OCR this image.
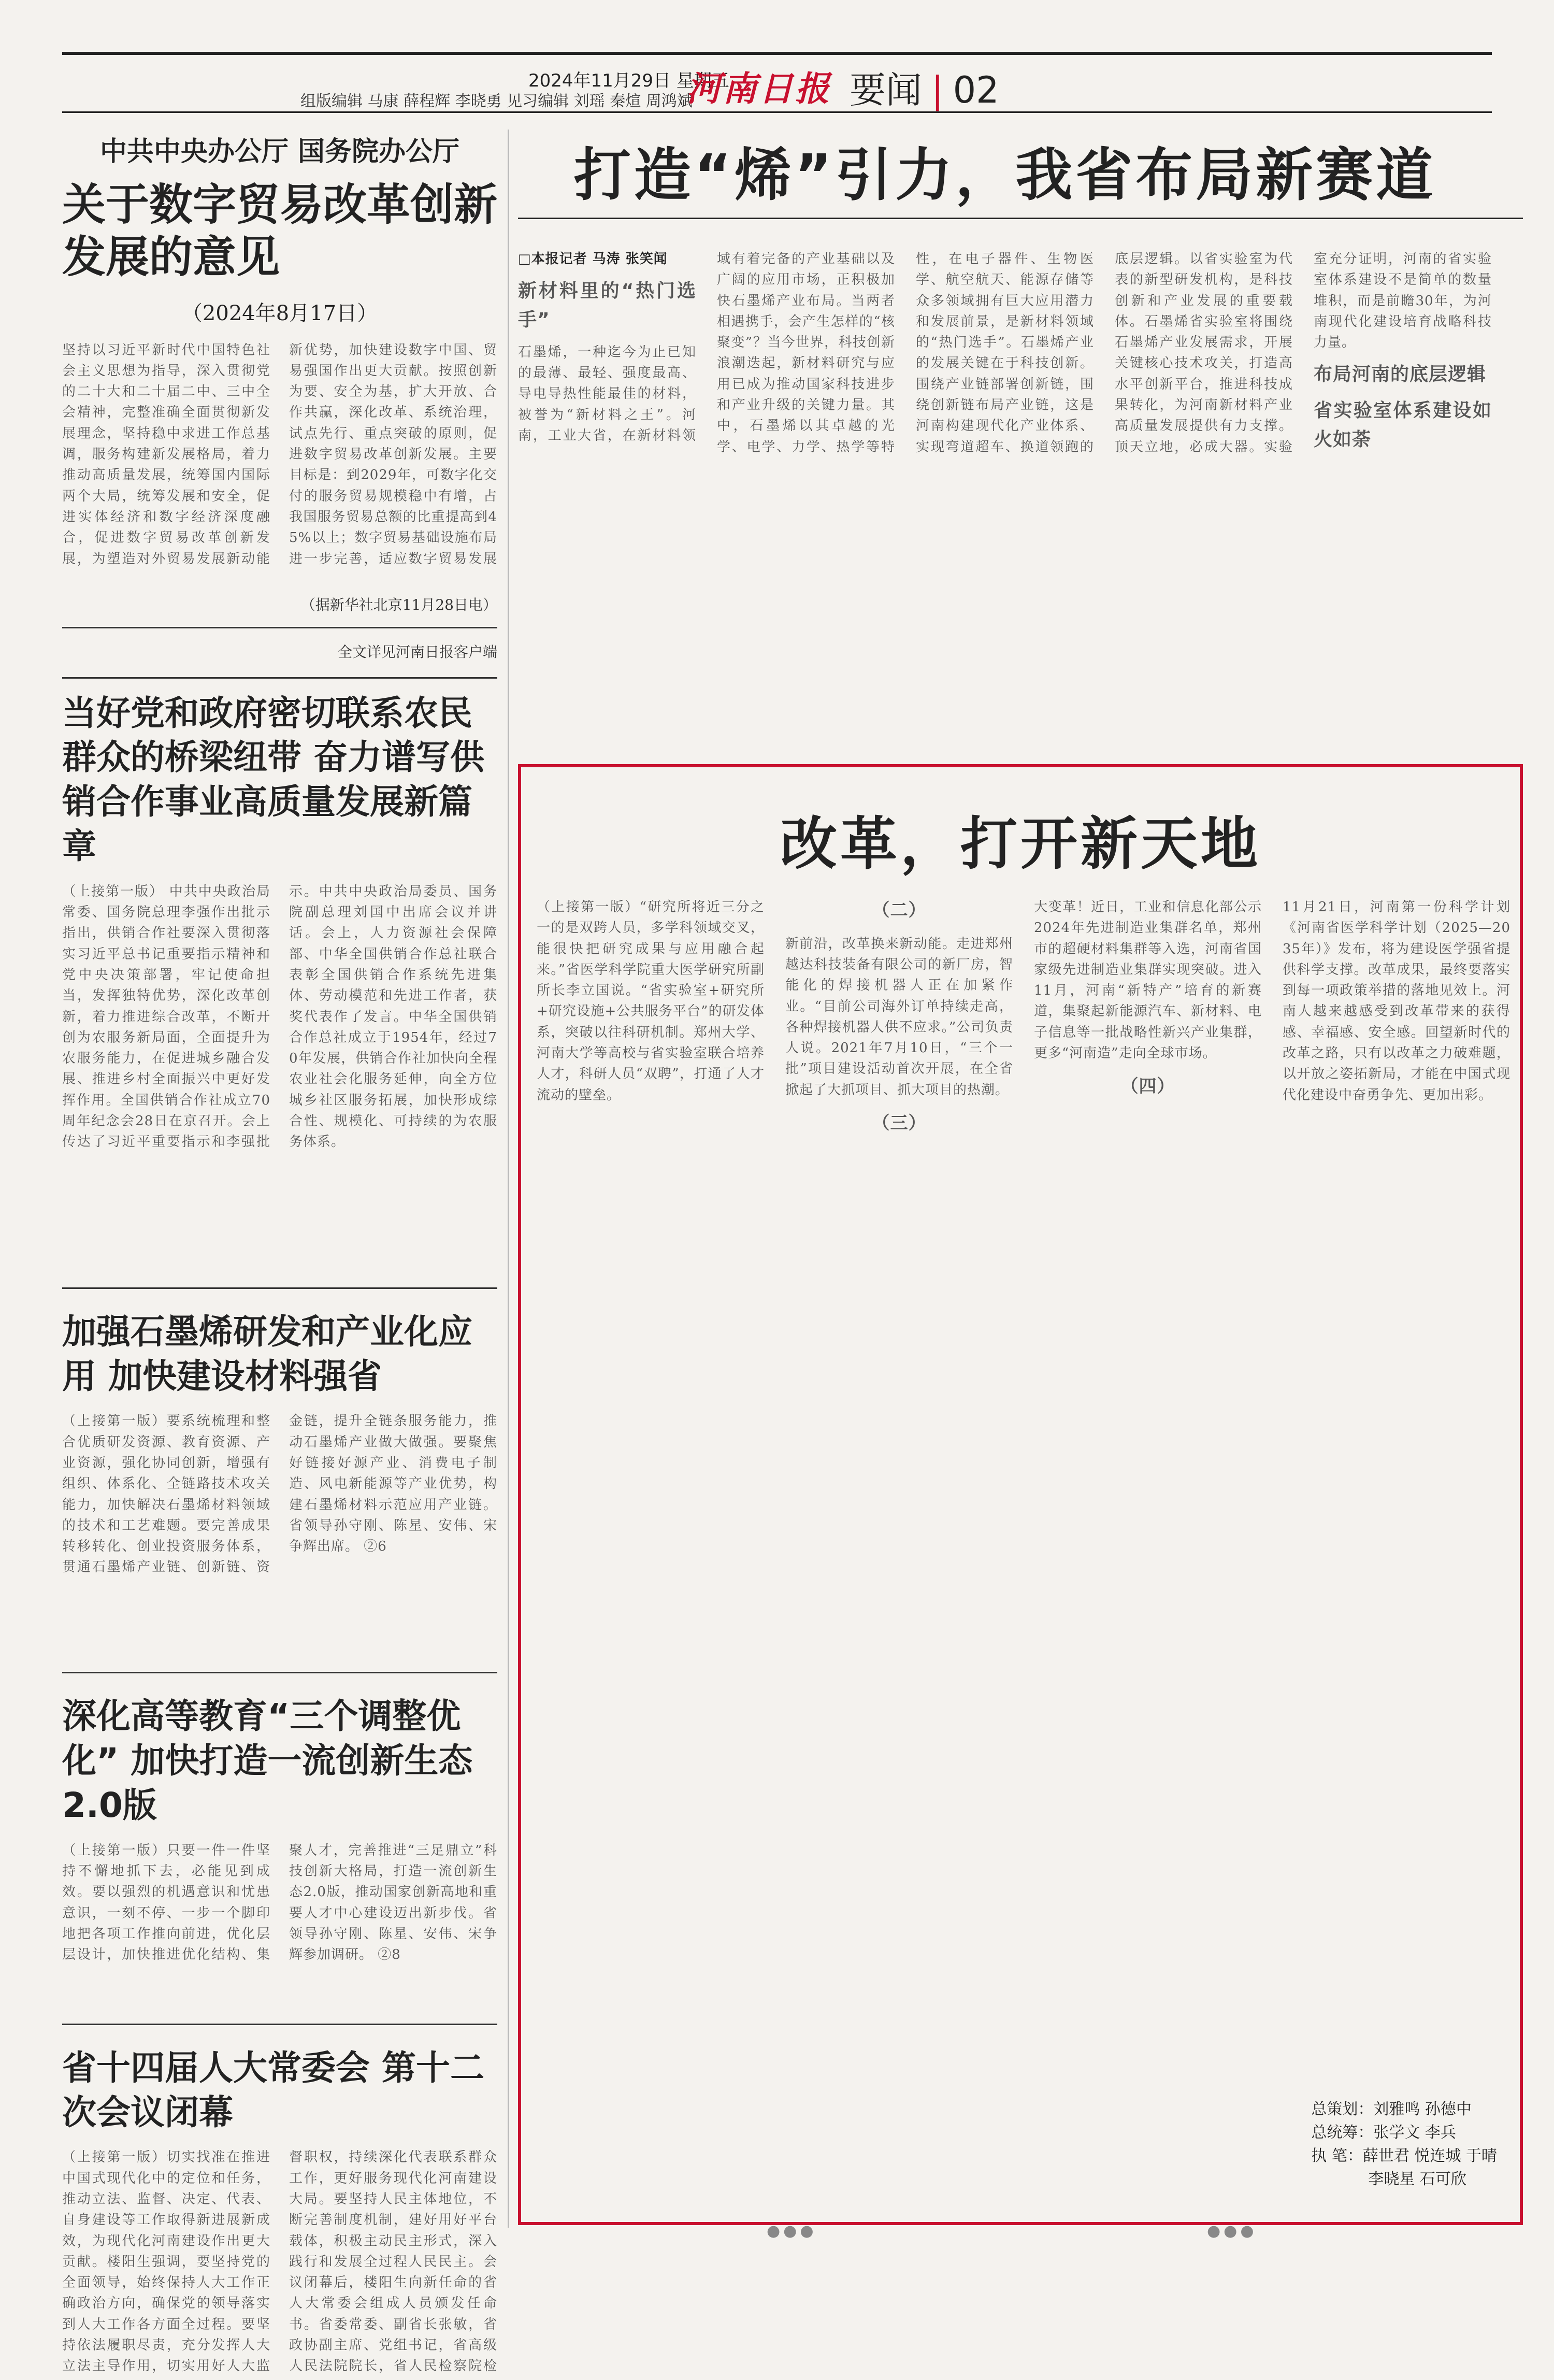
2024年11月29日 星期五
组版编辑 马康 薛程辉 李晓勇 见习编辑 刘瑶 秦煊 周鸿斌
河南日报 要闻 | 02
中共中央办公厅 国务院办公厅
关于数字贸易改革创新发展的意见
（2024年8月17日）
坚持以习近平新时代中国特色社会主义思想为指导，深入贯彻党的二十大和二十届二中、三中全会精神，完整准确全面贯彻新发展理念，坚持稳中求进工作总基调，服务构建新发展格局，着力推动高质量发展，统筹国内国际两个大局，统筹发展和安全，促进实体经济和数字经济深度融合，促进数字贸易改革创新发展，为塑造对外贸易发展新动能新优势，加快建设数字中国、贸易强国作出更大贡献。按照创新为要、安全为基，扩大开放、合作共赢，深化改革、系统治理，试点先行、重点突破的原则，促进数字贸易改革创新发展。主要目标是：到2029年，可数字化交付的服务贸易规模稳中有增，占我国服务贸易总额的比重提高到45%以上；数字贸易基础设施布局进一步完善，适应数字贸易发展
（据新华社北京11月28日电）
全文详见河南日报客户端
当好党和政府密切联系农民群众的桥梁纽带 奋力谱写供销合作事业高质量发展新篇章
（上接第一版） 中共中央政治局常委、国务院总理李强作出批示指出，供销合作社要深入贯彻落实习近平总书记重要指示精神和党中央决策部署，牢记使命担当，发挥独特优势，深化改革创新，着力推进综合改革，不断开创为农服务新局面，全面提升为农服务能力，在促进城乡融合发展、推进乡村全面振兴中更好发挥作用。全国供销合作社成立70周年纪念会28日在京召开。会上传达了习近平重要指示和李强批示。中共中央政治局委员、国务院副总理刘国中出席会议并讲话。会上，人力资源社会保障部、中华全国供销合作总社联合表彰全国供销合作系统先进集体、劳动模范和先进工作者，获奖代表作了发言。中华全国供销合作总社成立于1954年，经过70年发展，供销合作社加快向全程农业社会化服务延伸，向全方位城乡社区服务拓展，加快形成综合性、规模化、可持续的为农服务体系。
加强石墨烯研发和产业化应用 加快建设材料强省
（上接第一版）要系统梳理和整合优质研发资源、教育资源、产业资源，强化协同创新，增强有组织、体系化、全链路技术攻关能力，加快解决石墨烯材料领域的技术和工艺难题。要完善成果转移转化、创业投资服务体系，贯通石墨烯产业链、创新链、资金链，提升全链条服务能力，推动石墨烯产业做大做强。要聚焦好链接好源产业、消费电子制造、风电新能源等产业优势，构建石墨烯材料示范应用产业链。省领导孙守刚、陈星、安伟、宋争辉出席。 ②6
深化高等教育“三个调整优化” 加快打造一流创新生态2.0版
（上接第一版）只要一件一件坚持不懈地抓下去，必能见到成效。要以强烈的机遇意识和忧患意识，一刻不停、一步一个脚印地把各项工作推向前进，优化层层设计，加快推进优化结构、集聚人才，完善推进“三足鼎立”科技创新大格局，打造一流创新生态2.0版，推动国家创新高地和重要人才中心建设迈出新步伐。省领导孙守刚、陈星、安伟、宋争辉参加调研。 ②8
省十四届人大常委会 第十二次会议闭幕
（上接第一版）切实找准在推进中国式现代化中的定位和任务，推动立法、监督、决定、代表、自身建设等工作取得新进展新成效，为现代化河南建设作出更大贡献。楼阳生强调，要坚持党的全面领导，始终保持人大工作正确政治方向，确保党的领导落实到人大工作各方面全过程。要坚持依法履职尽责，充分发挥人大立法主导作用，切实用好人大监督职权，持续深化代表联系群众工作，更好服务现代化河南建设大局。要坚持人民主体地位，不断完善制度机制，建好用好平台载体，积极主动民主形式，深入践行和发展全过程人民民主。会议闭幕后，楼阳生向新任命的省人大常委会组成人员颁发任命书。省委常委、副省长张敏，省政协副主席、党组书记，省高级人民法院院长，省人民检察院检
打造“烯”引力，我省布局新赛道
□本报记者 马涛 张笑闻
新材料里的“热门选手”
石墨烯，一种迄今为止已知的最薄、最轻、强度最高、导电导热性能最佳的材料，被誉为“新材料之王”。河南，工业大省，在新材料领域有着完备的产业基础以及广阔的应用市场，正积极加快石墨烯产业布局。当两者相遇携手，会产生怎样的“核聚变”？当今世界，科技创新浪潮迭起，新材料研究与应用已成为推动国家科技进步和产业升级的关键力量。其中，石墨烯以其卓越的光学、电学、力学、热学等特性，在电子器件、生物医学、航空航天、能源存储等众多领域拥有巨大应用潜力和发展前景，是新材料领域的“热门选手”。石墨烯产业的发展关键在于科技创新。围绕产业链部署创新链，围绕创新链布局产业链，这是河南构建现代化产业体系、实现弯道超车、换道领跑的底层逻辑。以省实验室为代表的新型研发机构，是科技创新和产业发展的重要载体。石墨烯省实验室将围绕石墨烯产业发展需求，开展关键核心技术攻关，打造高水平创新平台，推进科技成果转化，为河南新材料产业高质量发展提供有力支撑。顶天立地，必成大器。实验室充分证明，河南的省实验室体系建设不是简单的数量堆积，而是前瞻30年，为河南现代化建设培育战略科技力量。
布局河南的底层逻辑
省实验室体系建设如火如荼
改革，打开新天地

（上接第一版）“研究所将近三分之一的是双跨人员，多学科领域交叉，能很快把研究成果与应用融合起来。”省医学科学院重大医学研究所副所长李立国说。“省实验室+研究所+研究设施+公共服务平台”的研发体系，突破以往科研机制。郑州大学、河南大学等高校与省实验室联合培养人才，科研人员“双聘”，打通了人才流动的壁垒。

（二）

新前沿，改革换来新动能。走进郑州越达科技装备有限公司的新厂房，智能化的焊接机器人正在加紧作业。“目前公司海外订单持续走高，各种焊接机器人供不应求。”公司负责人说。2021年7月10日，“三个一批”项目建设活动首次开展，在全省掀起了大抓项目、抓大项目的热潮。

（三）

大变革！近日，工业和信息化部公示2024年先进制造业集群名单，郑州市的超硬材料集群等入选，河南省国家级先进制造业集群实现突破。进入11月，河南“新特产”培育的新赛道，集聚起新能源汽车、新材料、电子信息等一批战略性新兴产业集群，更多“河南造”走向全球市场。

（四）

11月21日，河南第一份科学计划《河南省医学科学计划（2025—2035年）》发布，将为建设医学强省提供科学支撑。改革成果，最终要落实到每一项政策举措的落地见效上。河南人越来越感受到改革带来的获得感、幸福感、安全感。回望新时代的改革之路，只有以改革之力破难题，以开放之姿拓新局，才能在中国式现代化建设中奋勇争先、更加出彩。

总策划：刘雅鸣 孙德中
总统筹：张学文 李兵
执 笔：薛世君 悦连城 于晴
李晓星 石可欣
●●●	●●●
